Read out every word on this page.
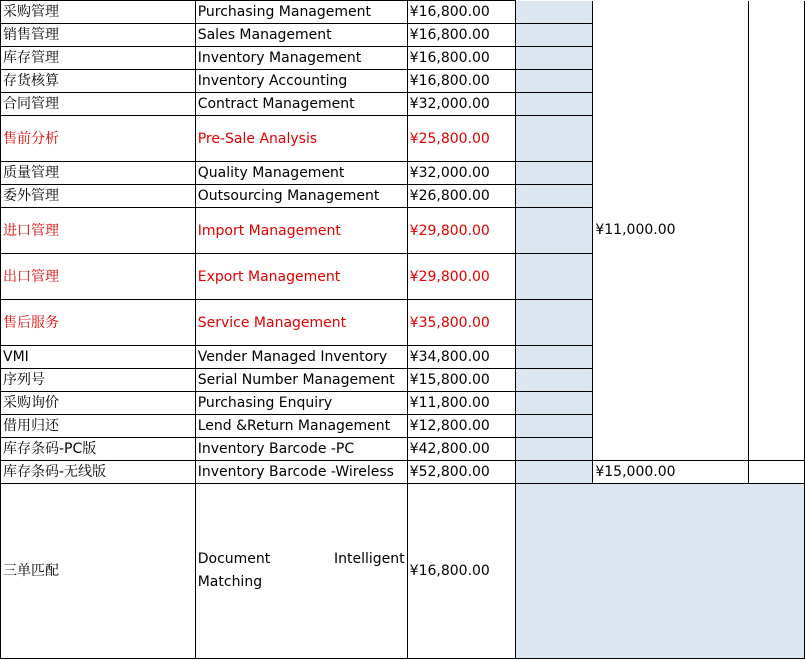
采购管理	Purchasing Management	¥16,800.00		¥11,000.00	
销售管理	Sales Management	¥16,800.00			
库存管理	Inventory Management	¥16,800.00			
存货核算	Inventory Accounting	¥16,800.00			
合同管理	Contract Management	¥32,000.00			
售前分析	Pre-Sale Analysis	¥25,800.00			
质量管理	Quality Management	¥32,000.00			
委外管理	Outsourcing Management	¥26,800.00			
进口管理	Import Management	¥29,800.00			
出口管理	Export Management	¥29,800.00			
售后服务	Service Management	¥35,800.00			
VMI	Vender Managed Inventory	¥34,800.00			
序列号	Serial Number Management	¥15,800.00			
采购询价	Purchasing Enquiry	¥11,800.00			
借用归还	Lend &Return Management	¥12,800.00			
库存条码-PC版	Inventory Barcode -PC	¥42,800.00			
库存条码-无线版	Inventory Barcode -Wireless	¥52,800.00		¥15,000.00	
三单匹配	Document Intelligent Matching	¥16,800.00			
